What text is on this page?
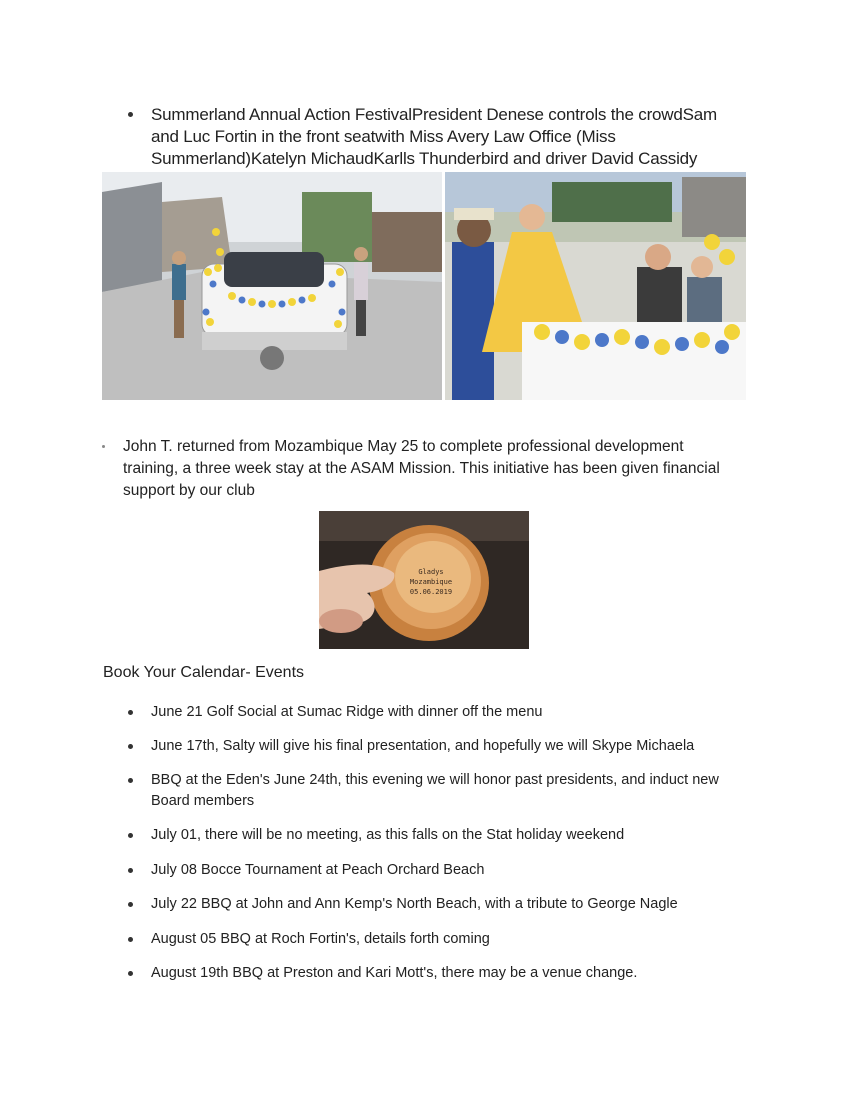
Summerland Annual Action FestivalPresident Denese controls the crowdSam and Luc Fortin in the front seatwith Miss Avery Law Office (Miss Summerland)Katelyn MichaudKarlls Thunderbird and driver David Cassidy
John T. returned from Mozambique May 25 to complete professional development training, a three week stay at the ASAM Mission. This initiative has been given financial support by our club
Gladys
Mozambique
05.06.2019
Book Your Calendar- Events
June 21 Golf Social at Sumac Ridge with dinner off the menu
June 17th, Salty will give his final presentation, and hopefully we will Skype Michaela
BBQ at the Eden's June 24th, this evening we will honor past presidents, and induct new Board members
July 01, there will be no meeting, as this falls on the Stat holiday weekend
July 08 Bocce Tournament at Peach Orchard Beach
July 22 BBQ at John and Ann Kemp's North Beach, with a tribute to George Nagle
August 05 BBQ at Roch Fortin's, details forth coming
August 19th BBQ at Preston and Kari Mott's, there may be a venue change.
